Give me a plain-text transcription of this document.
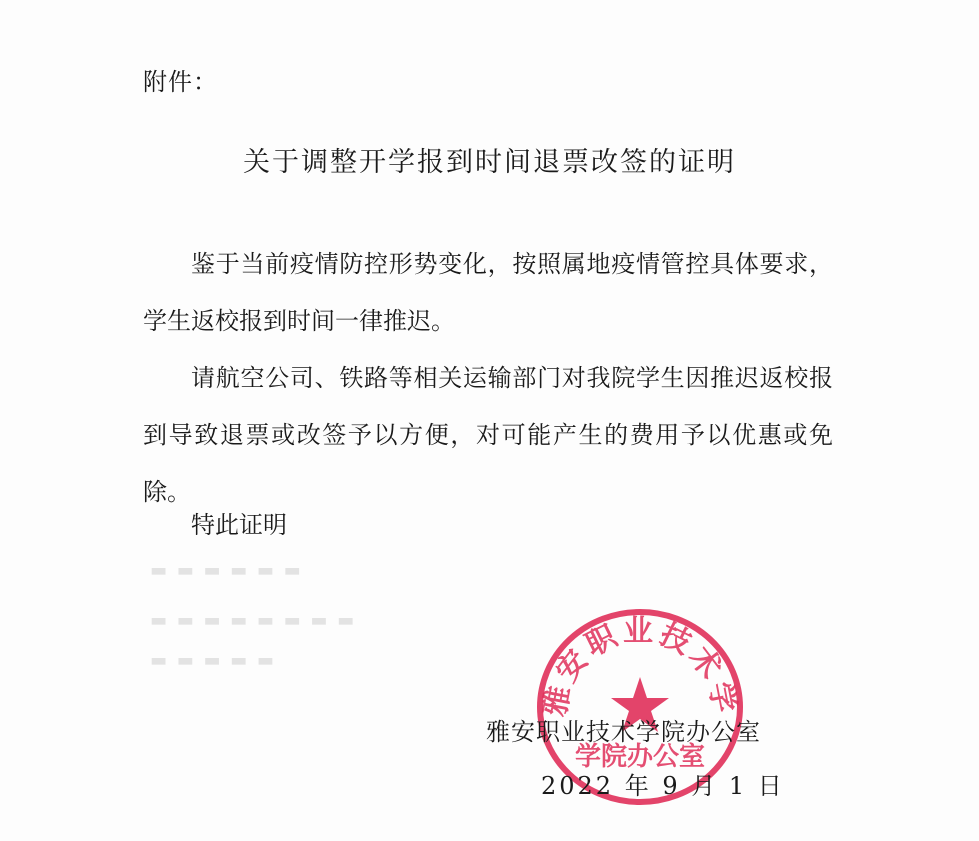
▬ ▬ ▬ ▬ ▬ ▬
▬ ▬ ▬ ▬ ▬ ▬ ▬ ▬
▬ ▬ ▬ ▬ ▬
附件：
关于调整开学报到时间退票改签的证明

鉴于当前疫情防控形势变化，按照属地疫情管控具体要求，学生返校报到时间一律推迟。

请航空公司、铁路等相关运输部门对我院学生因推迟返校报到导致退票或改签予以方便，对可能产生的费用予以优惠或免除。

特此证明
雅安职业技术学
学院办公室
雅安职业技术学院办公室
2022 年 9 月 1 日
